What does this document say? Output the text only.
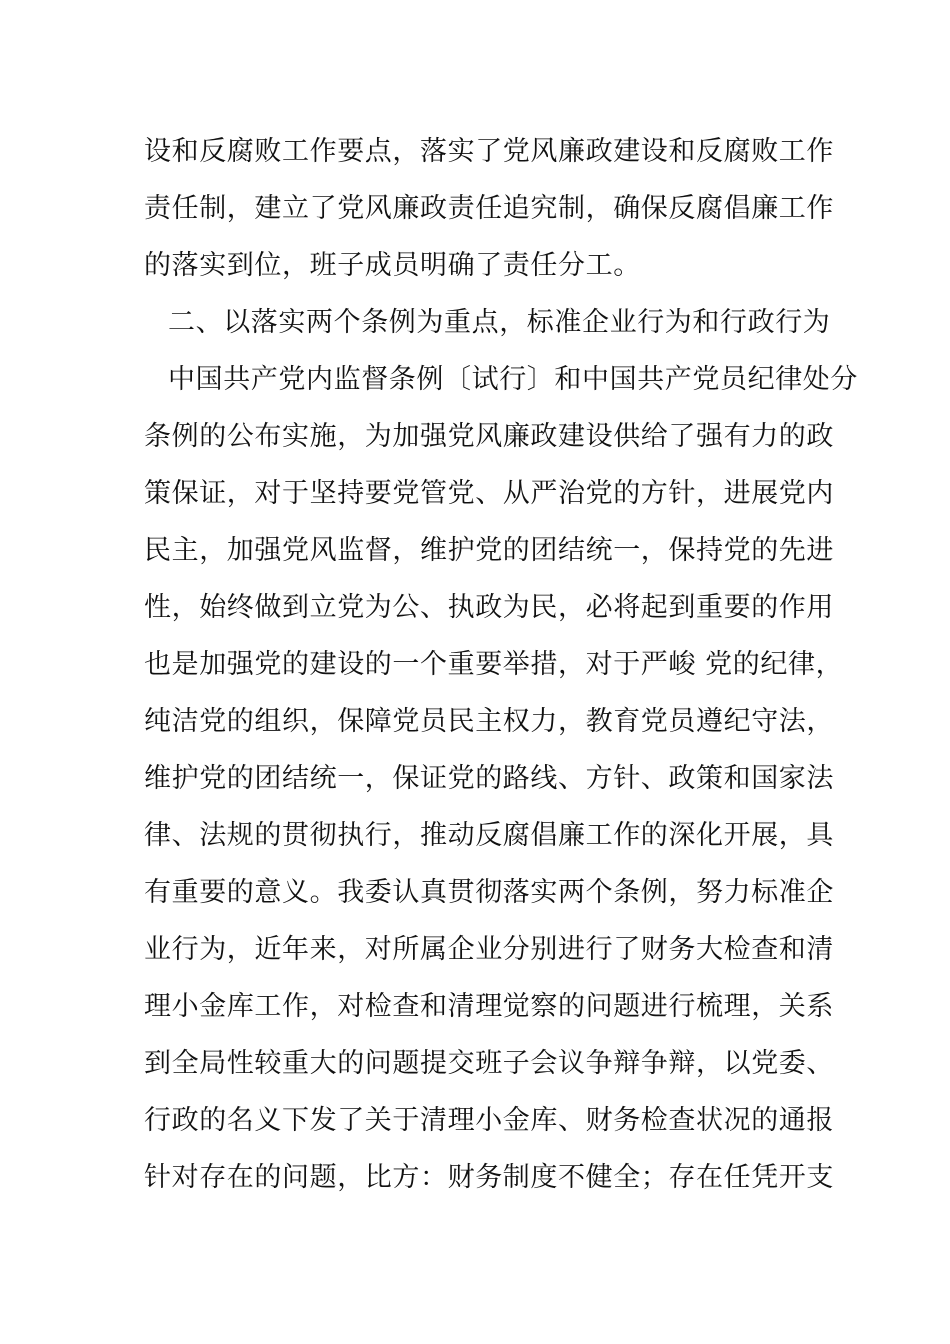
设和反腐败工作要点，落实了党风廉政建设和反腐败工作
责任制，建立了党风廉政责任追究制，确保反腐倡廉工作
的落实到位，班子成员明确了责任分工。
二、以落实两个条例为重点，标准企业行为和行政行为
中国共产党内监督条例〔试行〕和中国共产党员纪律处分
条例的公布实施，为加强党风廉政建设供给了强有力的政
策保证，对于坚持要党管党、从严治党的方针，进展党内
民主，加强党风监督，维护党的团结统一，保持党的先进
性，始终做到立党为公、执政为民，必将起到重要的作用
也是加强党的建设的一个重要举措，对于严峻 党的纪律，
纯洁党的组织，保障党员民主权力，教育党员遵纪守法，
维护党的团结统一，保证党的路线、方针、政策和国家法
律、法规的贯彻执行，推动反腐倡廉工作的深化开展，具
有重要的意义。我委认真贯彻落实两个条例，努力标准企
业行为，近年来，对所属企业分别进行了财务大检查和清
理小金库工作，对检查和清理觉察的问题进行梳理，关系
到全局性较重大的问题提交班子会议争辩争辩，以党委、
行政的名义下发了关于清理小金库、财务检查状况的通报
针对存在的问题，比方：财务制度不健全；存在任凭开支
